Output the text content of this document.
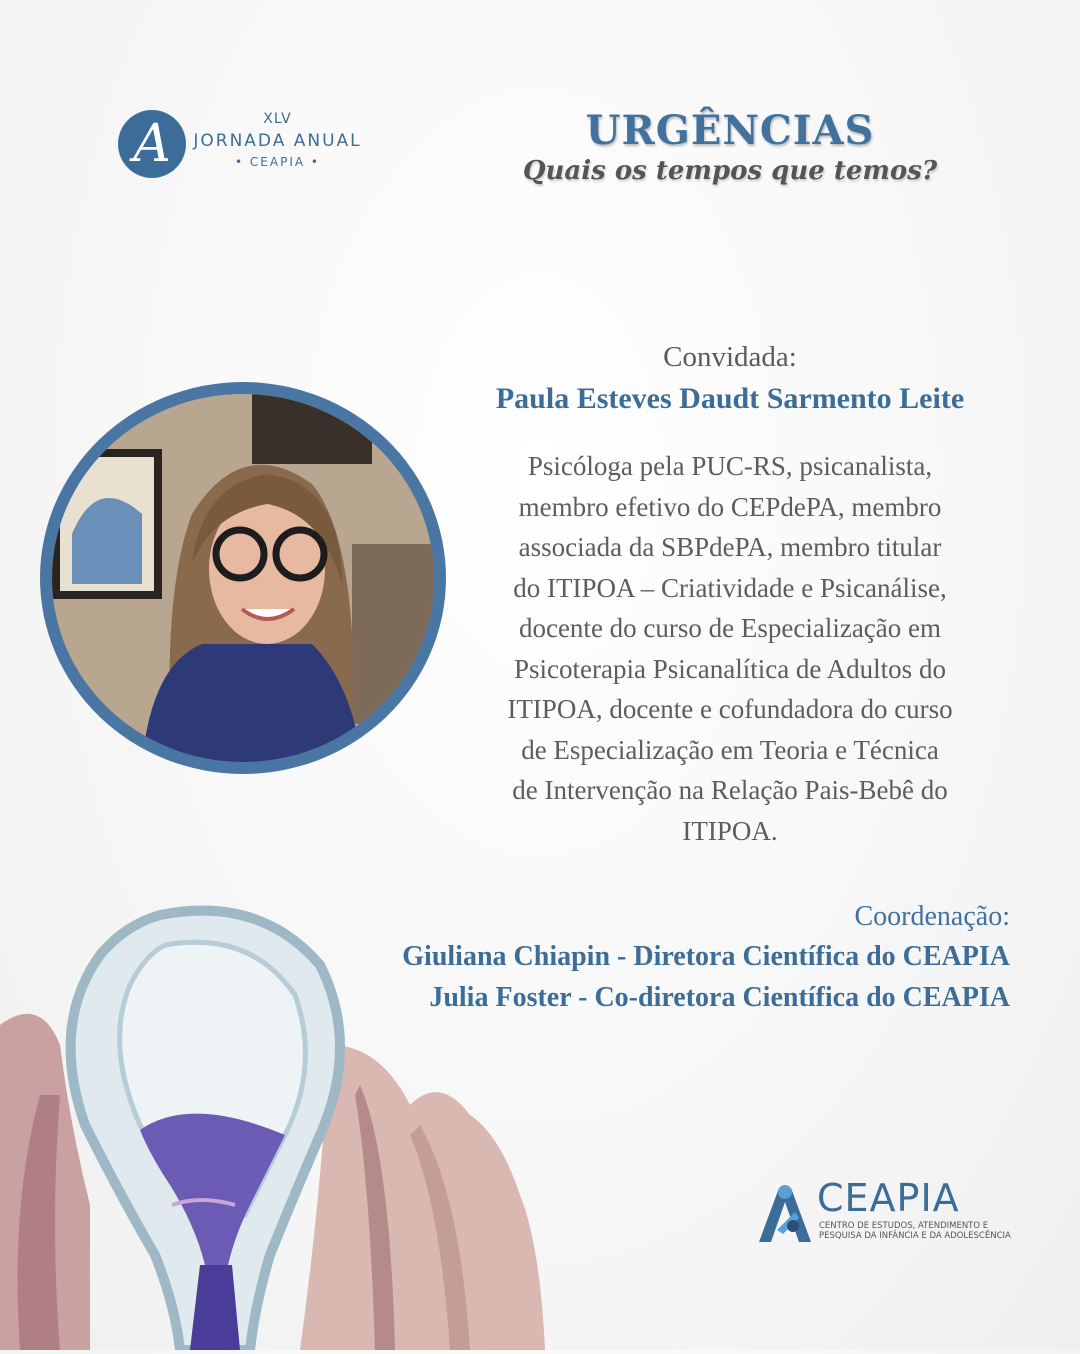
A	XLV
JORNADA ANUAL
• CEAPIA •
URGÊNCIAS
Quais os tempos que temos?
Convidada:
Paula Esteves Daudt Sarmento Leite
Psicóloga pela PUC-RS, psicanalista,
membro efetivo do CEPdePA, membro
associada da SBPdePA, membro titular
do ITIPOA – Criatividade e Psicanálise,
docente do curso de Especialização em
Psicoterapia Psicanalítica de Adultos do
ITIPOA, docente e cofundadora do curso
de Especialização em Teoria e Técnica
de Intervenção na Relação Pais-Bebê do
ITIPOA.
Coordenação:
Giuliana Chiapin - Diretora Científica do CEAPIA
Julia Foster - Co-diretora Científica do CEAPIA
CEAPIA
CENTRO DE ESTUDOS, ATENDIMENTO E
PESQUISA DA INFÂNCIA E DA ADOLESCÊNCIA
